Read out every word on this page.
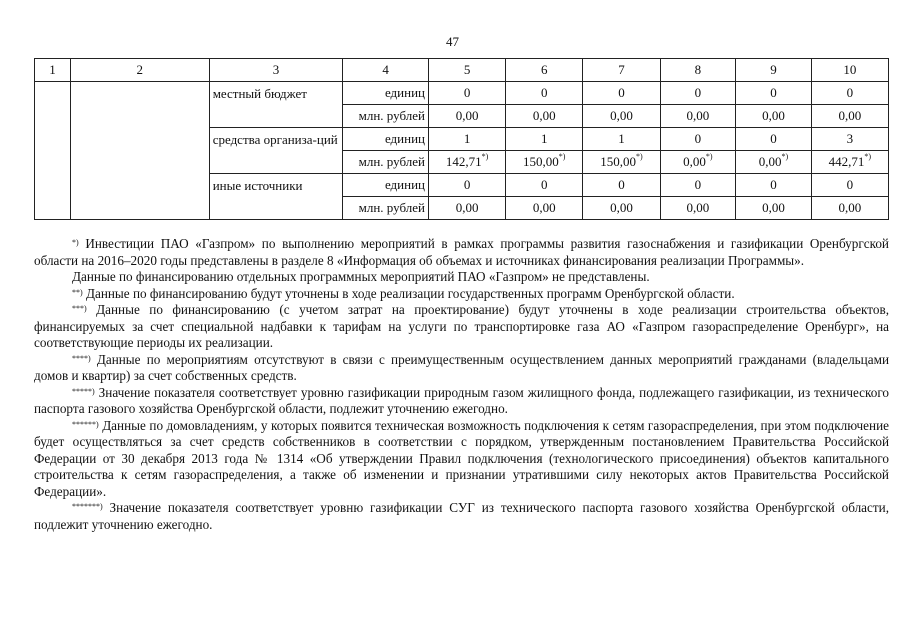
47
1	2	3	4	5	6	7	8	9	10
		местный бюджет	единиц	0	0	0	0	0	0
			млн. рублей	0,00	0,00	0,00	0,00	0,00	0,00
		средства организа-ций	единиц	1	1	1	0	0	3
			млн. рублей	142,71*)	150,00*)	150,00*)	0,00*)	0,00*)	442,71*)
		иные источники	единиц	0	0	0	0	0	0
			млн. рублей	0,00	0,00	0,00	0,00	0,00	0,00

*) Инвестиции ПАО «Газпром» по выполнению мероприятий в рамках программы развития газоснабжения и газификации Оренбургской области на 2016–2020 годы представлены в разделе 8 «Информация об объемах и источниках финансирования реализации Программы».

Данные по финансированию отдельных программных мероприятий ПАО «Газпром» не представлены.

**) Данные по финансированию будут уточнены в ходе реализации государственных программ Оренбургской области.

***) Данные по финансированию (с учетом затрат на проектирование) будут уточнены в ходе реализации строительства объектов, финансируемых за счет специальной надбавки к тарифам на услуги по транспортировке газа АО «Газпром газораспределение Оренбург», на соответствующие периоды их реализации.

****) Данные по мероприятиям отсутствуют в связи с преимущественным осуществлением данных мероприятий гражданами (владельцами домов и квартир) за счет собственных средств.

*****) Значение показателя соответствует уровню газификации природным газом жилищного фонда, подлежащего газификации, из технического паспорта газового хозяйства Оренбургской области, подлежит уточнению ежегодно.

******) Данные по домовладениям, у которых появится техническая возможность подключения к сетям газораспределения, при этом подключение будет осуществляться за счет средств собственников в соответствии с порядком, утвержденным постановлением Правительства Российской Федерации от 30 декабря 2013 года № 1314 «Об утверждении Правил подключения (технологического присоединения) объектов капитального строительства к сетям газораспределения, а также об изменении и признании утратившими силу некоторых актов Правительства Российской Федерации».

*******) Значение показателя соответствует уровню газификации СУГ из технического паспорта газового хозяйства Оренбургской области, подлежит уточнению ежегодно.
